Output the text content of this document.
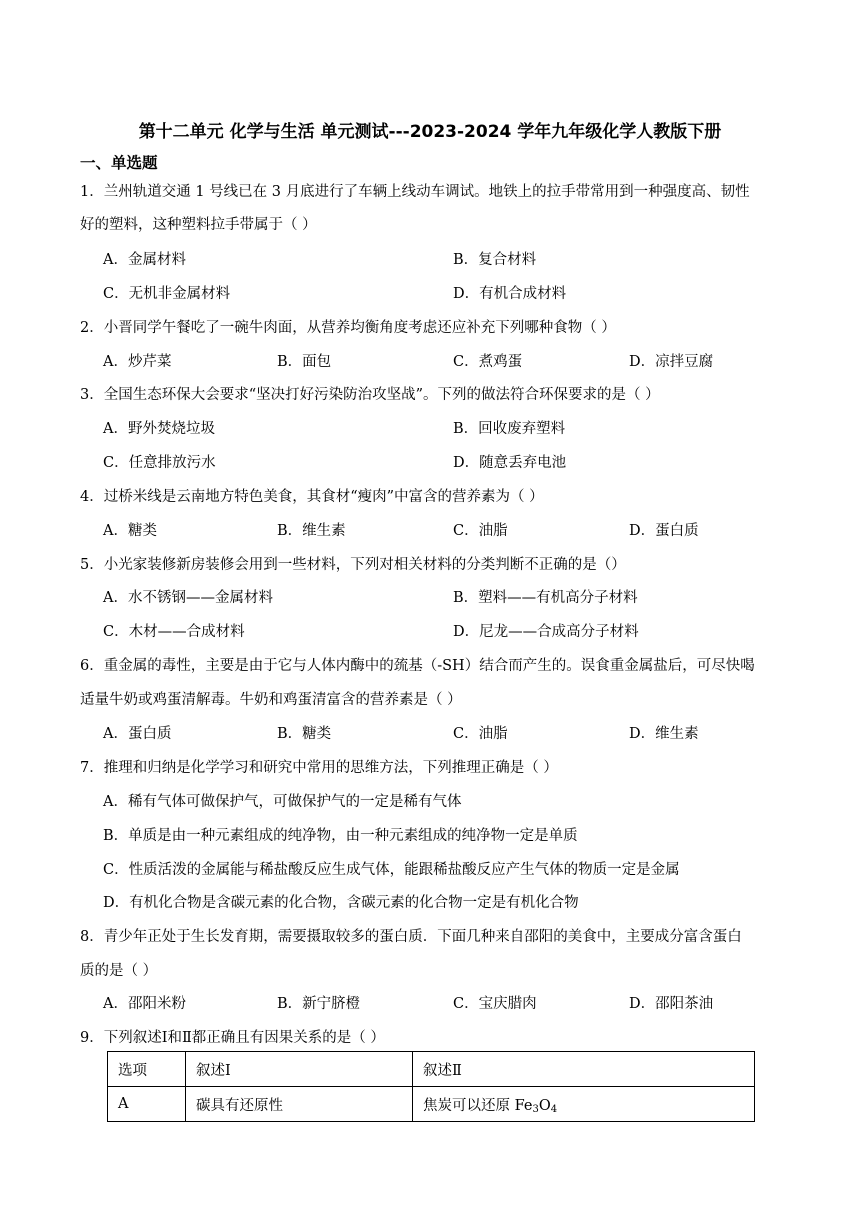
第十二单元 化学与生活 单元测试---2023-2024 学年九年级化学人教版下册
一、单选题
1．兰州轨道交通 1 号线已在 3 月底进行了车辆上线动车调试。地铁上的拉手带常用到一种强度高、韧性
好的塑料，这种塑料拉手带属于（ ）
A．金属材料	B．复合材料
C．无机非金属材料	D．有机合成材料
2．小晋同学午餐吃了一碗牛肉面，从营养均衡角度考虑还应补充下列哪种食物（ ）
A．炒芹菜	B．面包	C．煮鸡蛋	D．凉拌豆腐
3．全国生态环保大会要求“坚决打好污染防治攻坚战”。下列的做法符合环保要求的是（ ）
A．野外焚烧垃圾	B．回收废弃塑料
C．任意排放污水	D．随意丢弃电池
4．过桥米线是云南地方特色美食，其食材“瘦肉”中富含的营养素为（ ）
A．糖类	B．维生素	C．油脂	D．蛋白质
5．小光家装修新房装修会用到一些材料，下列对相关材料的分类判断不正确的是（）
A．水不锈钢——金属材料	B．塑料——有机高分子材料
C．木材——合成材料	D．尼龙——合成高分子材料
6．重金属的毒性，主要是由于它与人体内酶中的巯基（-SH）结合而产生的。误食重金属盐后，可尽快喝
适量牛奶或鸡蛋清解毒。牛奶和鸡蛋清富含的营养素是（ ）
A．蛋白质	B．糖类	C．油脂	D．维生素
7．推理和归纳是化学学习和研究中常用的思维方法，下列推理正确是（ ）
A．稀有气体可做保护气，可做保护气的一定是稀有气体
B．单质是由一种元素组成的纯净物，由一种元素组成的纯净物一定是单质
C．性质活泼的金属能与稀盐酸反应生成气体，能跟稀盐酸反应产生气体的物质一定是金属
D．有机化合物是含碳元素的化合物，含碳元素的化合物一定是有机化合物
8．青少年正处于生长发育期，需要摄取较多的蛋白质．下面几种来自邵阳的美食中，主要成分富含蛋白
质的是（ ）
A．邵阳米粉	B．新宁脐橙	C．宝庆腊肉	D．邵阳茶油
9．下列叙述Ⅰ和Ⅱ都正确且有因果关系的是（ ）
选项	叙述Ⅰ	叙述Ⅱ
A	碳具有还原性	焦炭可以还原 $Fe_3O_4$
